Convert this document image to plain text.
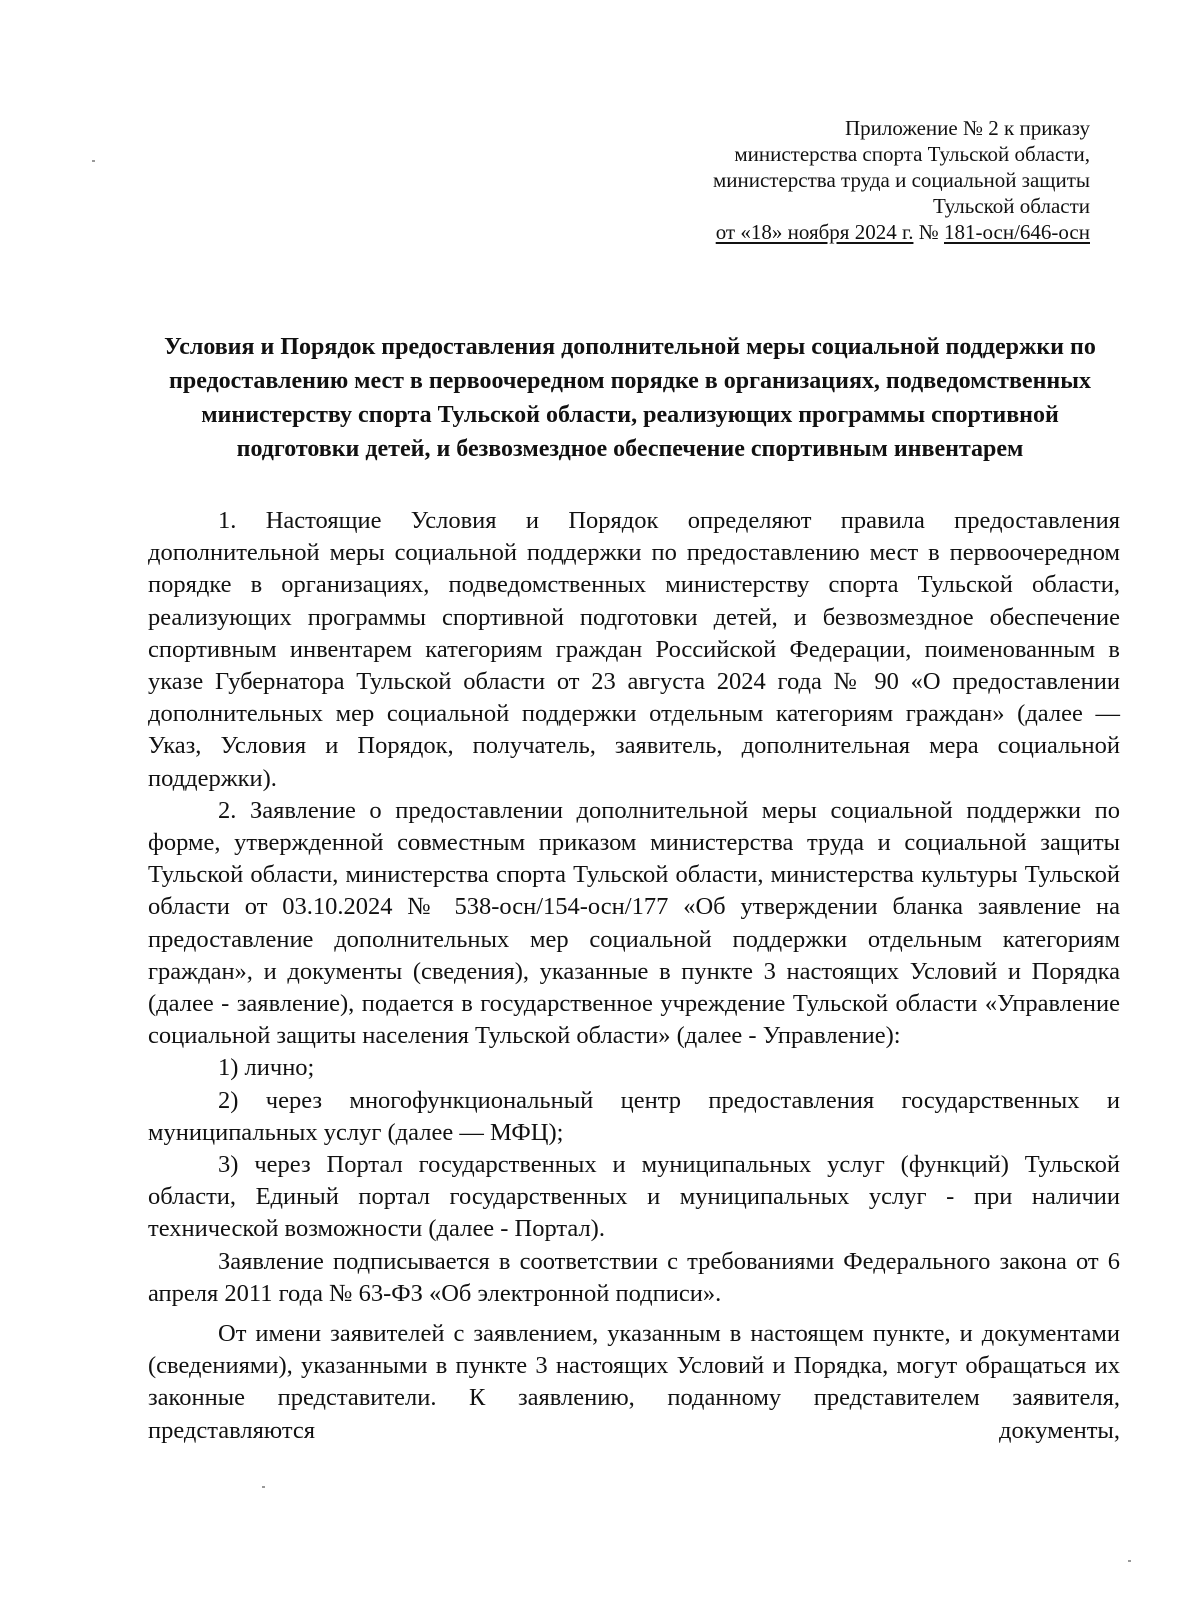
Приложение № 2 к приказу
министерства спорта Тульской области,
министерства труда и социальной защиты
Тульской области
от «18» ноября 2024 г. № 181-осн/646-осн
Условия и Порядок предоставления дополнительной меры социальной поддержки по предоставлению мест в первоочередном порядке в организациях, подведомственных министерству спорта Тульской области, реализующих программы спортивной подготовки детей, и безвозмездное обеспечение спортивным инвентарем

1. Настоящие Условия и Порядок определяют правила предоставления дополнительной меры социальной поддержки по предоставлению мест в первоочередном порядке в организациях, подведомственных министерству спорта Тульской области, реализующих программы спортивной подготовки детей, и безвозмездное обеспечение спортивным инвентарем категориям граждан Российской Федерации, поименованным в указе Губернатора Тульской области от 23 августа 2024 года № 90 «О предоставлении дополнительных мер социальной поддержки отдельным категориям граждан» (далее — Указ, Условия и Порядок, получатель, заявитель, дополнительная мера социальной поддержки).

2. Заявление о предоставлении дополнительной меры социальной поддержки по форме, утвержденной совместным приказом министерства труда и социальной защиты Тульской области, министерства спорта Тульской области, министерства культуры Тульской области от 03.10.2024 № 538-осн/154-осн/177 «Об утверждении бланка заявление на предоставление дополнительных мер социальной поддержки отдельным категориям граждан», и документы (сведения), указанные в пункте 3 настоящих Условий и Порядка (далее - заявление), подается в государственное учреждение Тульской области «Управление социальной защиты населения Тульской области» (далее - Управление):

1) лично;

2) через многофункциональный центр предоставления государственных и муниципальных услуг (далее — МФЦ);

3) через Портал государственных и муниципальных услуг (функций) Тульской области, Единый портал государственных и муниципальных услуг - при наличии технической возможности (далее - Портал).

Заявление подписывается в соответствии с требованиями Федерального закона от 6 апреля 2011 года № 63-ФЗ «Об электронной подписи».

От имени заявителей с заявлением, указанным в настоящем пункте, и документами (сведениями), указанными в пункте 3 настоящих Условий и Порядка, могут обращаться их законные представители. К заявлению, поданному представителем заявителя, представляются документы,
